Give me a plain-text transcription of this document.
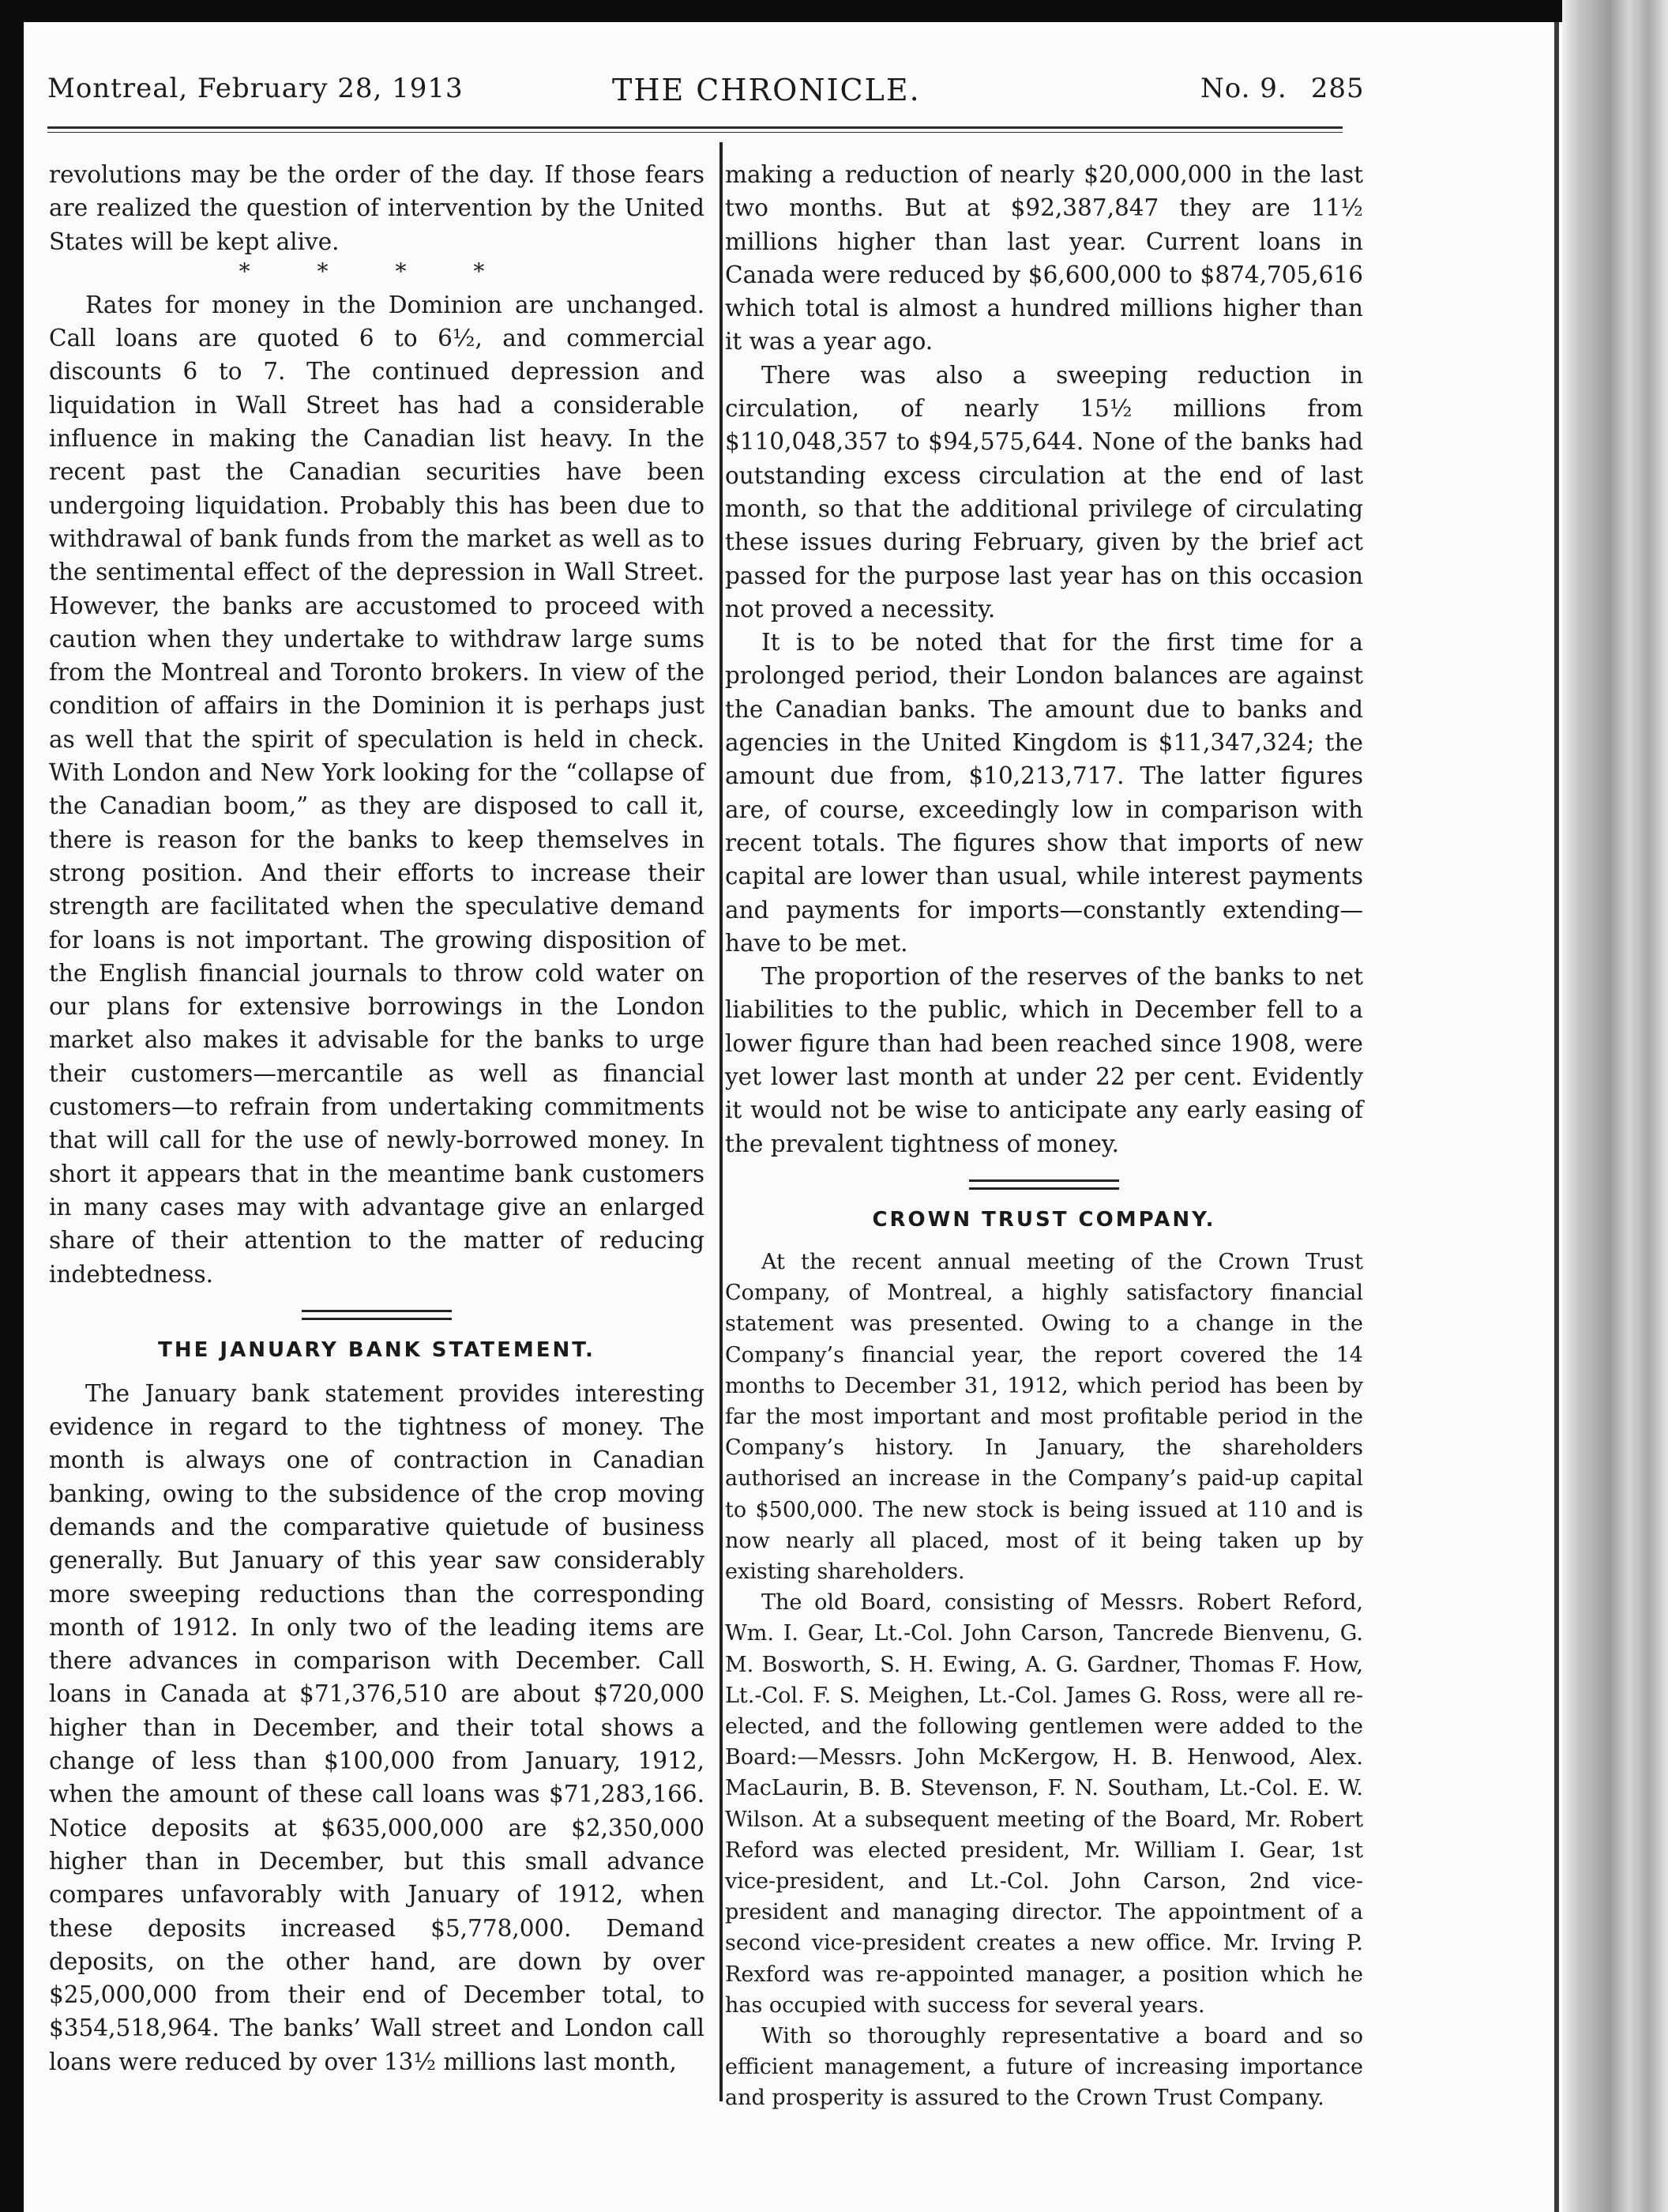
Montreal, February 28, 1913	THE CHRONICLE.	No. 9. 285

revolutions may be the order of the day. If those fears are realized the question of intervention by the United States will be kept alive.

* * * *

Rates for money in the Dominion are unchanged. Call loans are quoted 6 to 6½, and commercial discounts 6 to 7. The continued depression and liquidation in Wall Street has had a considerable influence in making the Canadian list heavy. In the recent past the Canadian securities have been undergoing liquidation. Probably this has been due to withdrawal of bank funds from the market as well as to the sentimental effect of the depression in Wall Street. However, the banks are accustomed to proceed with caution when they undertake to withdraw large sums from the Montreal and Toronto brokers. In view of the condition of affairs in the Dominion it is perhaps just as well that the spirit of speculation is held in check. With London and New York looking for the “collapse of the Canadian boom,” as they are disposed to call it, there is reason for the banks to keep themselves in strong position. And their efforts to increase their strength are facilitated when the speculative demand for loans is not important. The growing disposition of the English financial journals to throw cold water on our plans for extensive borrowings in the London market also makes it advisable for the banks to urge their customers—mercantile as well as financial customers—to refrain from undertaking commitments that will call for the use of newly-borrowed money. In short it appears that in the meantime bank customers in many cases may with advantage give an enlarged share of their attention to the matter of reducing indebtedness.

THE JANUARY BANK STATEMENT.

The January bank statement provides interesting evidence in regard to the tightness of money. The month is always one of contraction in Canadian banking, owing to the subsidence of the crop moving demands and the comparative quietude of business generally. But January of this year saw considerably more sweeping reductions than the corresponding month of 1912. In only two of the leading items are there advances in comparison with December. Call loans in Canada at $71,376,510 are about $720,000 higher than in December, and their total shows a change of less than $100,000 from January, 1912, when the amount of these call loans was $71,283,166. Notice deposits at $635,000,000 are $2,350,000 higher than in December, but this small advance compares unfavorably with January of 1912, when these deposits increased $5,778,000. Demand deposits, on the other hand, are down by over $25,000,000 from their end of December total, to $354,518,964. The banks’ Wall street and London call loans were reduced by over 13½ millions last month,

making a reduction of nearly $20,000,000 in the last two months. But at $92,387,847 they are 11½ millions higher than last year. Current loans in Canada were reduced by $6,600,000 to $874,705,616 which total is almost a hundred millions higher than it was a year ago.

There was also a sweeping reduction in circulation, of nearly 15½ millions from $110,048,357 to $94,575,644. None of the banks had outstanding excess circulation at the end of last month, so that the additional privilege of circulating these issues during February, given by the brief act passed for the purpose last year has on this occasion not proved a necessity.

It is to be noted that for the first time for a prolonged period, their London balances are against the Canadian banks. The amount due to banks and agencies in the United Kingdom is $11,347,324; the amount due from, $10,213,717. The latter figures are, of course, exceedingly low in comparison with recent totals. The figures show that imports of new capital are lower than usual, while interest payments and payments for imports—constantly extending—have to be met.

The proportion of the reserves of the banks to net liabilities to the public, which in December fell to a lower figure than had been reached since 1908, were yet lower last month at under 22 per cent. Evidently it would not be wise to anticipate any early easing of the prevalent tightness of money.

CROWN TRUST COMPANY.

At the recent annual meeting of the Crown Trust Company, of Montreal, a highly satisfactory financial statement was presented. Owing to a change in the Company’s financial year, the report covered the 14 months to December 31, 1912, which period has been by far the most important and most profitable period in the Company’s history. In January, the shareholders authorised an increase in the Company’s paid-up capital to $500,000. The new stock is being issued at 110 and is now nearly all placed, most of it being taken up by existing shareholders.

The old Board, consisting of Messrs. Robert Reford, Wm. I. Gear, Lt.-Col. John Carson, Tancrede Bienvenu, G. M. Bosworth, S. H. Ewing, A. G. Gardner, Thomas F. How, Lt.-Col. F. S. Meighen, Lt.-Col. James G. Ross, were all re-elected, and the following gentlemen were added to the Board:—Messrs. John McKergow, H. B. Henwood, Alex. MacLaurin, B. B. Stevenson, F. N. Southam, Lt.-Col. E. W. Wilson. At a subsequent meeting of the Board, Mr. Robert Reford was elected president, Mr. William I. Gear, 1st vice-president, and Lt.-Col. John Carson, 2nd vice-president and managing director. The appointment of a second vice-president creates a new office. Mr. Irving P. Rexford was re-appointed manager, a position which he has occupied with success for several years.

With so thoroughly representative a board and so efficient management, a future of increasing importance and prosperity is assured to the Crown Trust Company.
